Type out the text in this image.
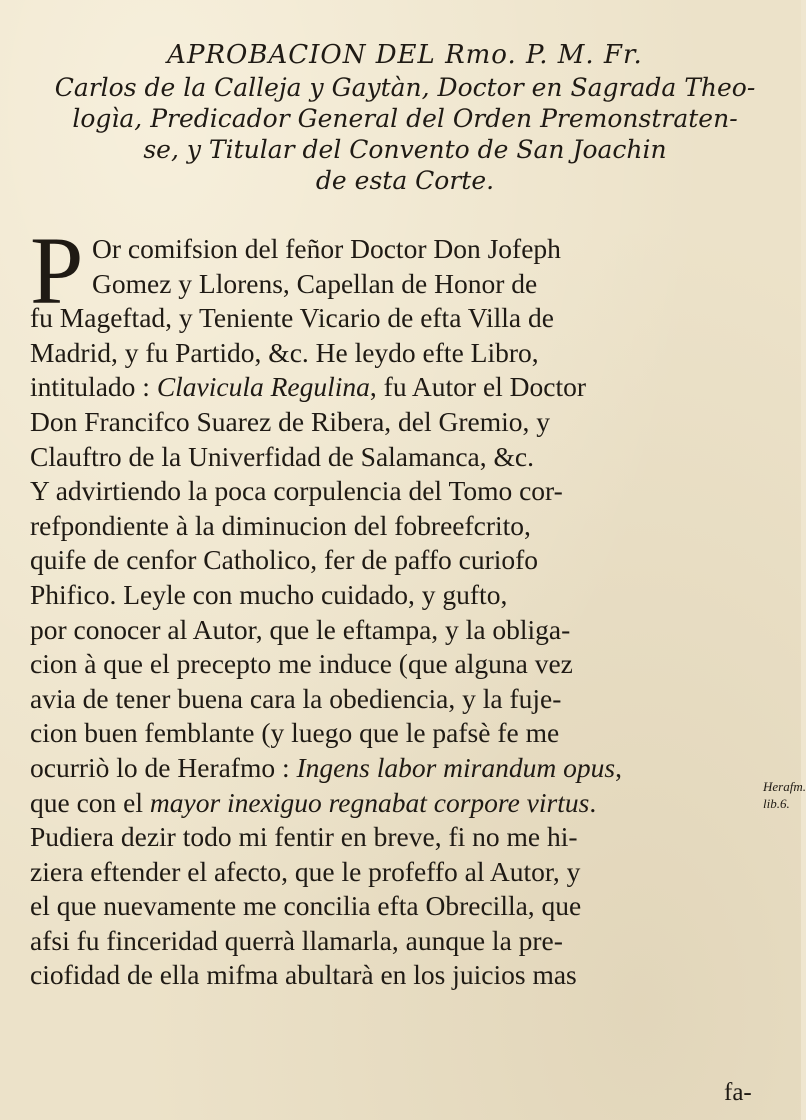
APROBACION DEL Rmo. P. M. Fr.
Carlos de la Calleja y Gaytàn, Doctor en Sagrada Theo-
logìa, Predicador General del Orden Premonstraten-
se, y Titular del Convento de San Joachin
de esta Corte.
P Or comifsion del feñor Doctor Don Jofeph
Gomez y Llorens, Capellan de Honor de
fu Mageftad, y Teniente Vicario de efta Villa de
Madrid, y fu Partido, &c. He leydo efte Libro,
intitulado : Clavicula Regulina, fu Autor el Doctor
Don Francifco Suarez de Ribera, del Gremio, y
Clauftro de la Univerfidad de Salamanca, &c.
Y advirtiendo la poca corpulencia del Tomo cor-
refpondiente à la diminucion del fobreefcrito,
quife de cenfor Catholico, fer de paffo curiofo
Phifico. Leyle con mucho cuidado, y gufto,
por conocer al Autor, que le eftampa, y la obliga-
cion à que el precepto me induce (que alguna vez
avia de tener buena cara la obediencia, y la fuje-
cion buen femblante (y luego que le pafsè fe me
ocurriò lo de Herafmo : Ingens labor mirandum opus,
que con el mayor inexiguo regnabat corpore virtus.
Pudiera dezir todo mi fentir en breve, fi no me hi-
ziera eftender el afecto, que le profeffo al Autor, y
el que nuevamente me concilia efta Obrecilla, que
afsi fu finceridad querrà llamarla, aunque la pre-
ciofidad de ella mifma abultarà en los juicios mas
Herafm.
lib.6.
fa-
